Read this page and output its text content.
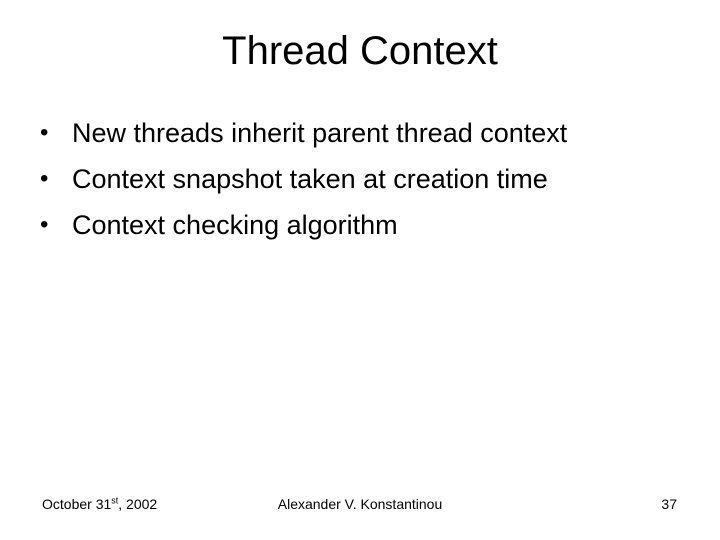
Thread Context
• New threads inherit parent thread context
• Context snapshot taken at creation time
• Context checking algorithm
October 31st, 2002	Alexander V. Konstantinou	37
